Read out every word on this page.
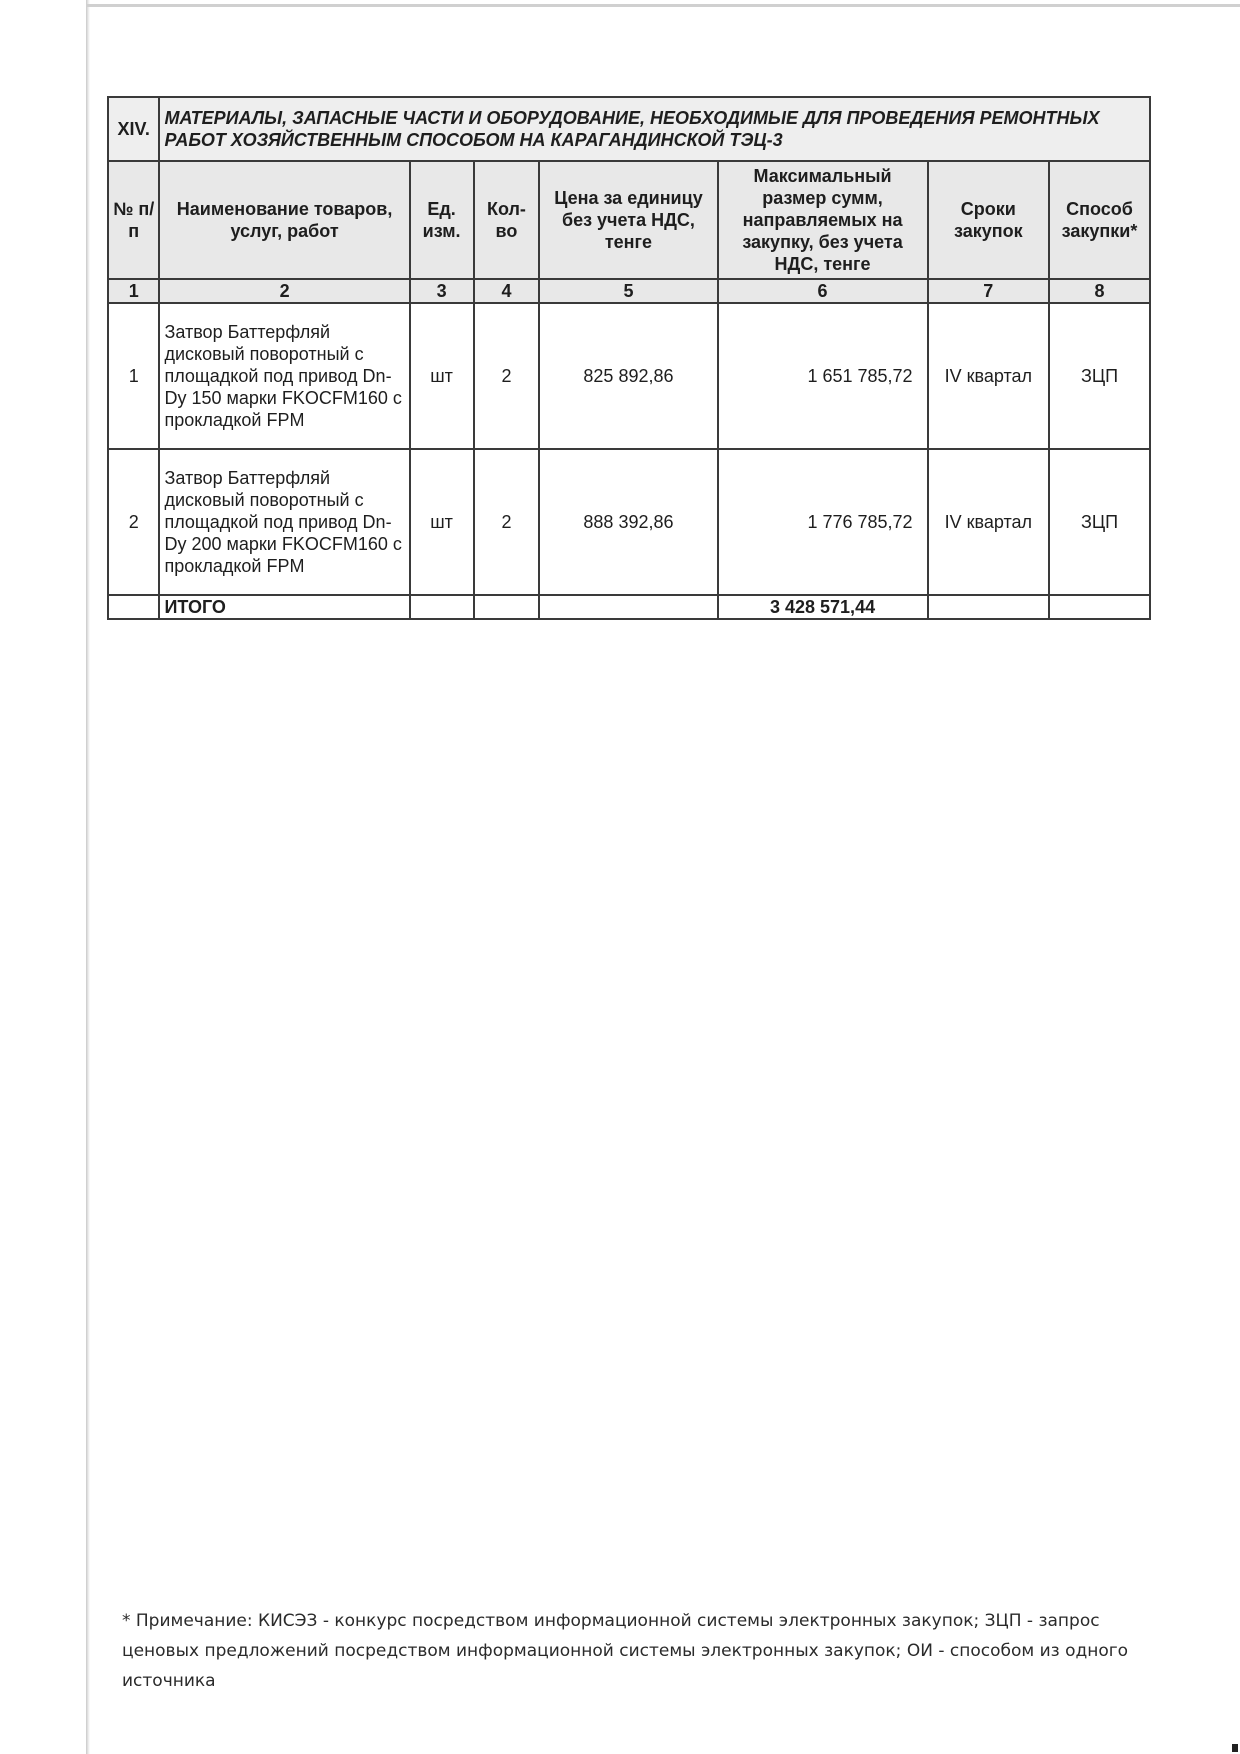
XIV.	МАТЕРИАЛЫ, ЗАПАСНЫЕ ЧАСТИ И ОБОРУДОВАНИЕ, НЕОБХОДИМЫЕ ДЛЯ ПРОВЕДЕНИЯ РЕМОНТНЫХ РАБОТ ХОЗЯЙСТВЕННЫМ СПОСОБОМ НА КАРАГАНДИНСКОЙ ТЭЦ-3						
№ п/п	Наименование товаров, услуг, работ	Ед. изм.	Кол-во	Цена за единицу без учета НДС, тенге	Максимальный размер сумм, направляемых на закупку, без учета НДС, тенге	Сроки закупок	Способ закупки*
1	2	3	4	5	6	7	8
1	Затвор Баттерфляй дисковый поворотный с площадкой под привод Dn-Dy 150 марки FKOCFM160 с прокладкой FPM	шт	2	825 892,86	1 651 785,72	IV квартал	ЗЦП
2	Затвор Баттерфляй дисковый поворотный с площадкой под привод Dn-Dy 200 марки FKOCFM160 с прокладкой FPM	шт	2	888 392,86	1 776 785,72	IV квартал	ЗЦП
	ИТОГО				3 428 571,44		
* Примечание: КИСЭЗ - конкурс посредством информационной системы электронных закупок; ЗЦП - запрос ценовых предложений посредством информационной системы электронных закупок; ОИ - способом из одного источника
